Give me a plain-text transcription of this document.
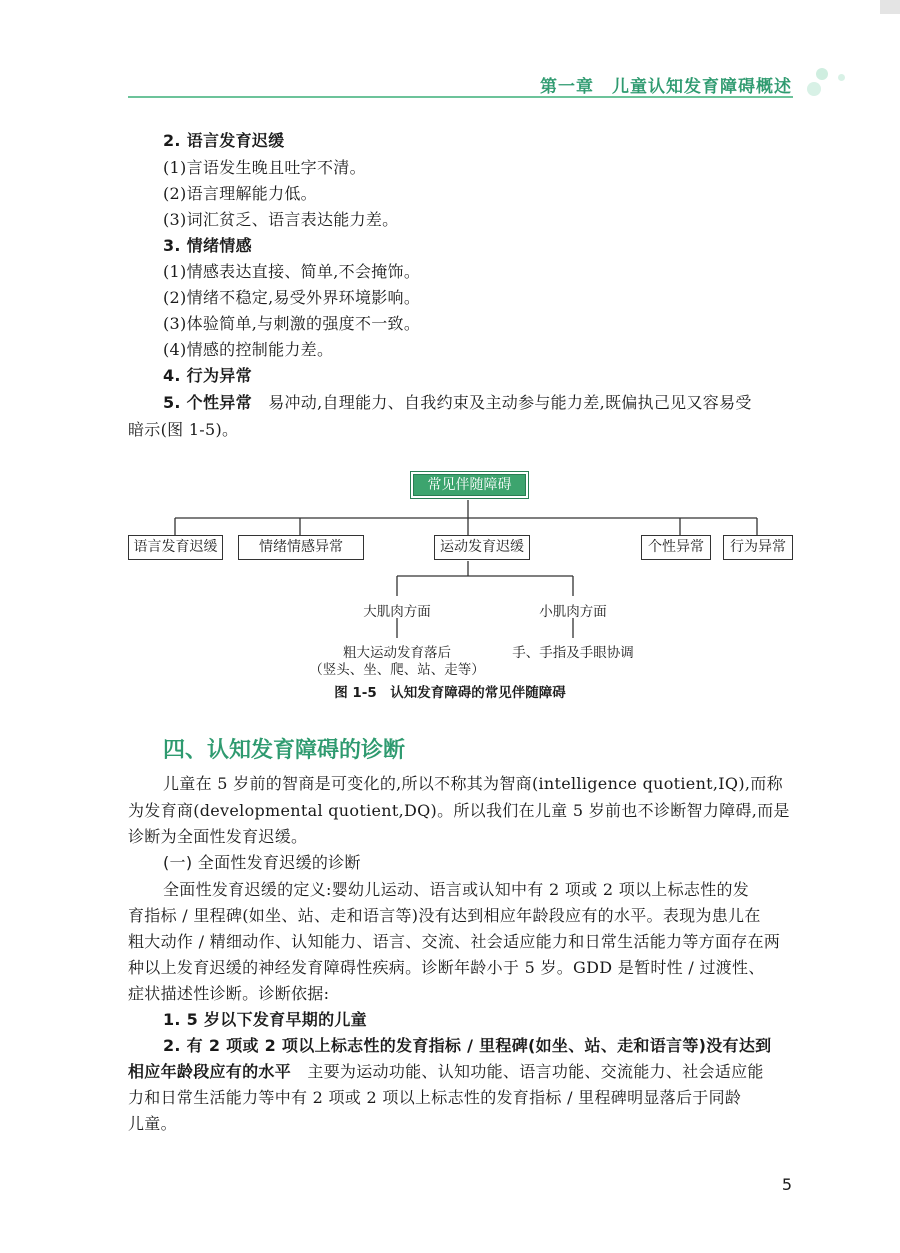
第一章　儿童认知发育障碍概述
2. 语言发育迟缓
(1)言语发生晚且吐字不清。
(2)语言理解能力低。
(3)词汇贫乏、语言表达能力差。
3. 情绪情感
(1)情感表达直接、简单,不会掩饰。
(2)情绪不稳定,易受外界环境影响。
(3)体验简单,与刺激的强度不一致。
(4)情感的控制能力差。
4. 行为异常
5. 个性异常　易冲动,自理能力、自我约束及主动参与能力差,既偏执己见又容易受
暗示(图 1-5)。
常见伴随障碍
语言发育迟缓	情绪情感异常	运动发育迟缓	个性异常	行为异常
大肌肉方面	小肌肉方面
粗大运动发育落后
（竖头、坐、爬、站、走等）
手、手指及手眼协调
图 1-5　认知发育障碍的常见伴随障碍
四、认知发育障碍的诊断
儿童在 5 岁前的智商是可变化的,所以不称其为智商(intelligence quotient,IQ),而称
为发育商(developmental quotient,DQ)。所以我们在儿童 5 岁前也不诊断智力障碍,而是
诊断为全面性发育迟缓。
(一) 全面性发育迟缓的诊断
全面性发育迟缓的定义:婴幼儿运动、语言或认知中有 2 项或 2 项以上标志性的发
育指标 / 里程碑(如坐、站、走和语言等)没有达到相应年龄段应有的水平。表现为患儿在
粗大动作 / 精细动作、认知能力、语言、交流、社会适应能力和日常生活能力等方面存在两
种以上发育迟缓的神经发育障碍性疾病。诊断年龄小于 5 岁。GDD 是暂时性 / 过渡性、
症状描述性诊断。诊断依据:
1. 5 岁以下发育早期的儿童
2. 有 2 项或 2 项以上标志性的发育指标 / 里程碑(如坐、站、走和语言等)没有达到
相应年龄段应有的水平　主要为运动功能、认知功能、语言功能、交流能力、社会适应能
力和日常生活能力等中有 2 项或 2 项以上标志性的发育指标 / 里程碑明显落后于同龄
儿童。
5
